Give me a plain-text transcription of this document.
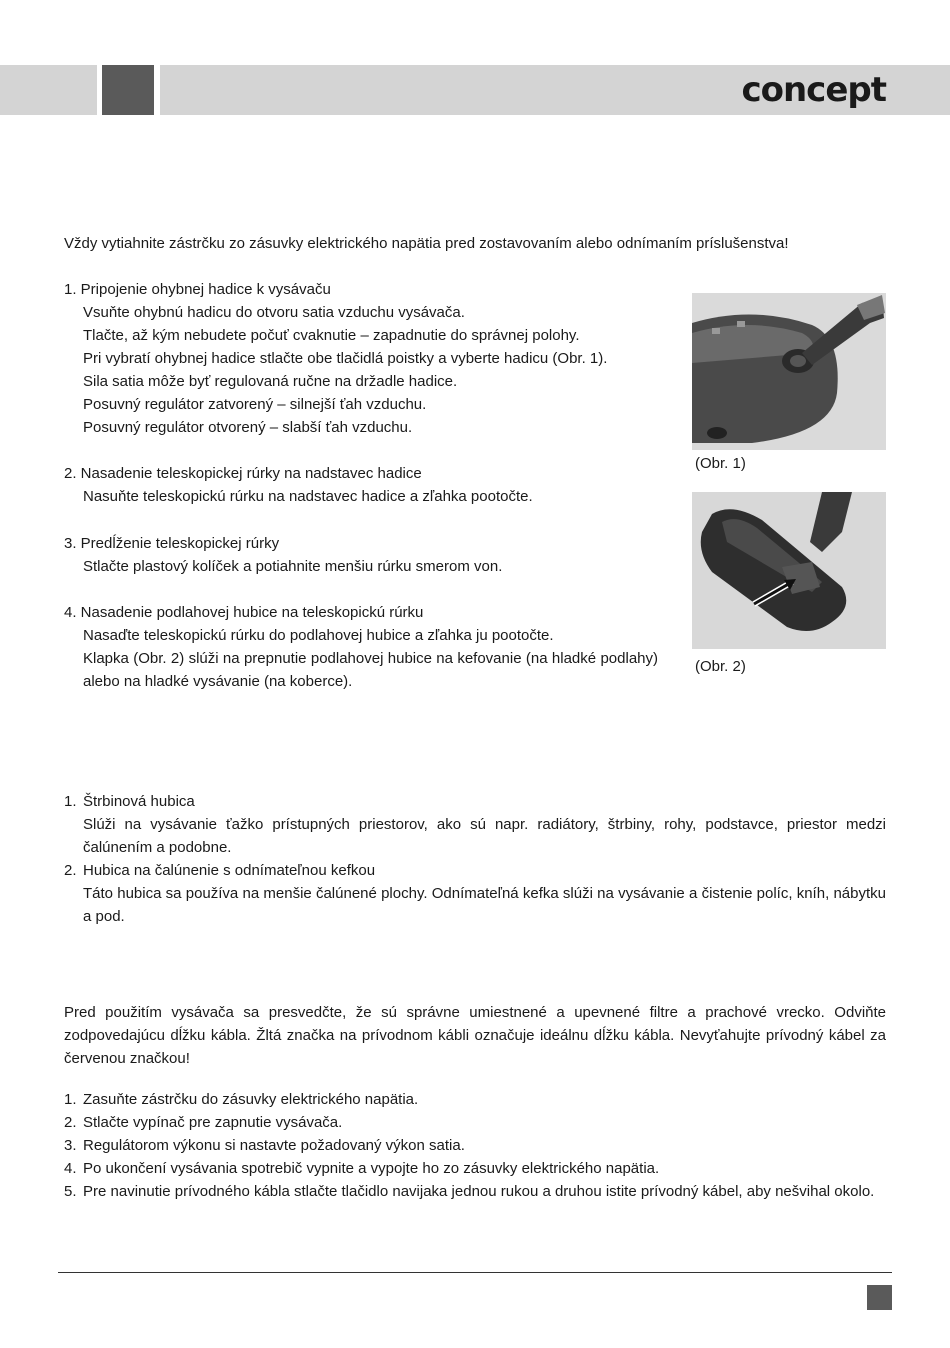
concept

Vždy vytiahnite zástrčku zo zásuvky elektrického napätia pred zostavovaním alebo odnímaním príslušenstva!

1. Pripojenie ohybnej hadice k vysávaču

Vsuňte ohybnú hadicu do otvoru satia vzduchu vysávača.

Tlačte, až kým nebudete počuť cvaknutie – zapadnutie do správnej polohy.

Pri vybratí ohybnej hadice stlačte obe tlačidlá poistky a vyberte hadicu (Obr. 1).

Sila satia môže byť regulovaná ručne na držadle hadice.

Posuvný regulátor zatvorený – silnejší ťah vzduchu.

Posuvný regulátor otvorený – slabší ťah vzduchu.

2. Nasadenie teleskopickej rúrky na nadstavec hadice

Nasuňte teleskopickú rúrku na nadstavec hadice a zľahka pootočte.

3. Predĺženie teleskopickej rúrky

Stlačte plastový kolíček a potiahnite menšiu rúrku smerom von.

4. Nasadenie podlahovej hubice na teleskopickú rúrku

Nasaďte teleskopickú rúrku do podlahovej hubice a zľahka ju pootočte.

Klapka (Obr. 2) slúži na prepnutie podlahovej hubice na kefovanie (na hladké podlahy) alebo na hladké vysávanie (na koberce).

(Obr. 1)
(Obr. 2)
1. Štrbinová hubica

Slúži na vysávanie ťažko prístupných priestorov, ako sú napr. radiátory, štrbiny, rohy, podstavce, priestor medzi čalúnením a podobne.

2. Hubica na čalúnenie s odnímateľnou kefkou

Táto hubica sa používa na menšie čalúnené plochy. Odnímateľná kefka slúži na vysávanie a čistenie políc, kníh, nábytku a pod.

Pred použitím vysávača sa presvedčte, že sú správne umiestnené a upevnené filtre a prachové vrecko. Odviňte zodpovedajúcu dĺžku kábla. Žltá značka na prívodnom kábli označuje ideálnu dĺžku kábla. Nevyťahujte prívodný kábel za červenou značkou!

1. Zasuňte zástrčku do zásuvky elektrického napätia.
2. Stlačte vypínač pre zapnutie vysávača.
3. Regulátorom výkonu si nastavte požadovaný výkon satia.
4. Po ukončení vysávania spotrebič vypnite a vypojte ho zo zásuvky elektrického napätia.
5. Pre navinutie prívodného kábla stlačte tlačidlo navijaka jednou rukou a druhou istite prívodný kábel, aby nešvihal okolo.
